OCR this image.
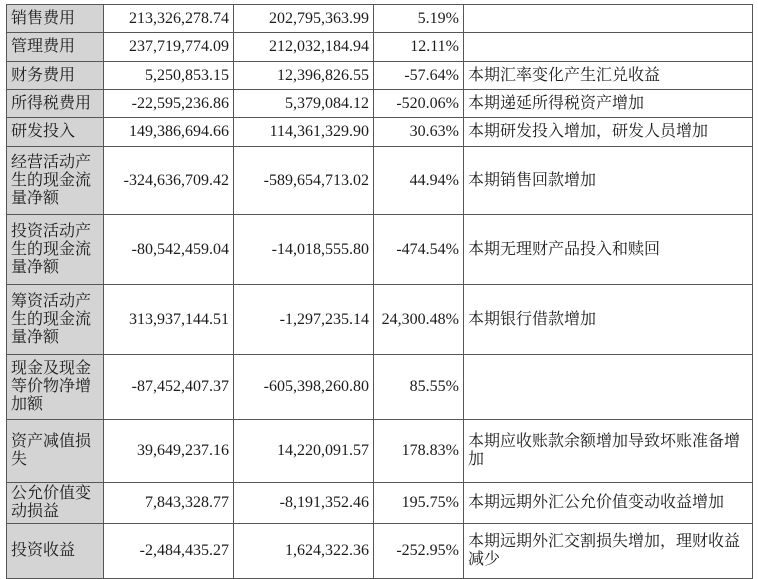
销售费用	213,326,278.74	202,795,363.99	5.19%	
管理费用	237,719,774.09	212,032,184.94	12.11%	
财务费用	5,250,853.15	12,396,826.55	-57.64%	本期汇率变化产生汇兑收益
所得税费用	-22,595,236.86	5,379,084.12	-520.06%	本期递延所得税资产增加
研发投入	149,386,694.66	114,361,329.90	30.63%	本期研发投入增加，研发人员增加
经营活动产生的现金流量净额	-324,636,709.42	-589,654,713.02	44.94%	本期销售回款增加
投资活动产生的现金流量净额	-80,542,459.04	-14,018,555.80	-474.54%	本期无理财产品投入和赎回
筹资活动产生的现金流量净额	313,937,144.51	-1,297,235.14	24,300.48%	本期银行借款增加
现金及现金等价物净增加额	-87,452,407.37	-605,398,260.80	85.55%	
资产减值损失	39,649,237.16	14,220,091.57	178.83%	本期应收账款余额增加导致坏账准备增加
公允价值变动损益	7,843,328.77	-8,191,352.46	195.75%	本期远期外汇公允价值变动收益增加
投资收益	-2,484,435.27	1,624,322.36	-252.95%	本期远期外汇交割损失增加，理财收益减少
